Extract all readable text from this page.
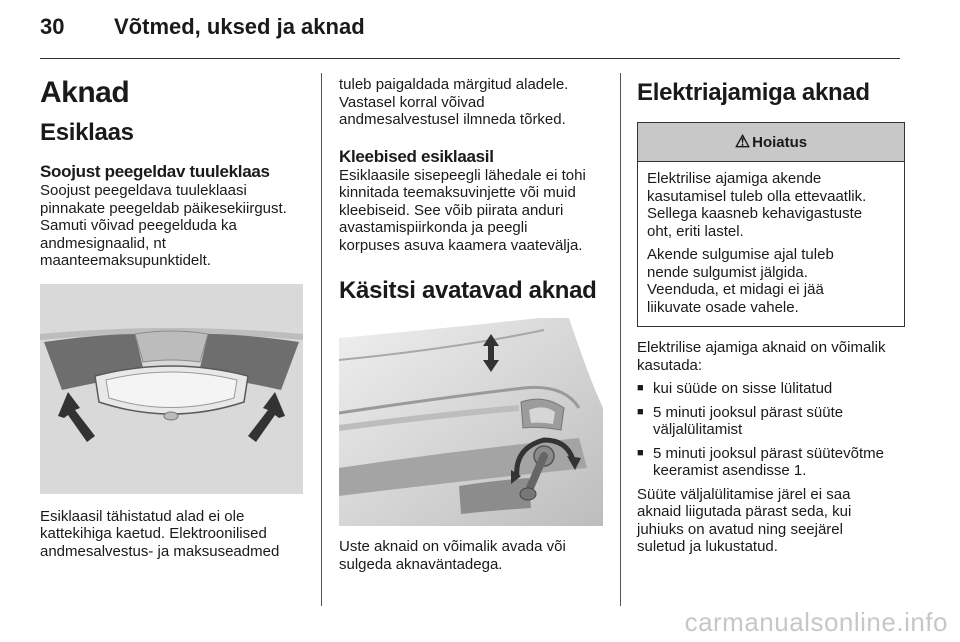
30 Võtmed, uksed ja aknad
Aknad
Esiklaas
Soojust peegeldav tuuleklaas

Soojust peegeldava tuuleklaasi
pinnakate peegeldab päikesekiirgust.
Samuti võivad peegelduda ka
andmesignaalid, nt
maanteemaksupunktidelt.

Esiklaasil tähistatud alad ei ole
kattekihiga kaetud. Elektroonilised
andmesalvestus- ja maksuseadmed

tuleb paigaldada märgitud aladele.
Vastasel korral võivad
andmesalvestusel ilmneda tõrked.

Kleebised esiklaasil

Esiklaasile sisepeegli lähedale ei tohi
kinnitada teemaksuvinjette või muid
kleebiseid. See võib piirata anduri
avastamispiirkonda ja peegli
korpuses asuva kaamera vaatevälja.

Käsitsi avatavad aknad

Uste aknaid on võimalik avada või
sulgeda aknaväntadega.

Elektriajamiga aknad
⚠ Hoiatus

Elektrilise ajamiga akende
kasutamisel tuleb olla ettevaatlik.
Sellega kaasneb kehavigastuste
oht, eriti lastel.

Akende sulgumise ajal tuleb
nende sulgumist jälgida.
Veenduda, et midagi ei jää
liikuvate osade vahele.

Elektrilise ajamiga aknaid on võimalik
kasutada:

■ kui süüde on sisse lülitatud
■ 5 minuti jooksul pärast süüte
väljalülitamist
■ 5 minuti jooksul pärast süütevõtme
keeramist asendisse 1.

Süüte väljalülitamise järel ei saa
aknaid liigutada pärast seda, kui
juhiuks on avatud ning seejärel
suletud ja lukustatud.

carmanualsonline.info
